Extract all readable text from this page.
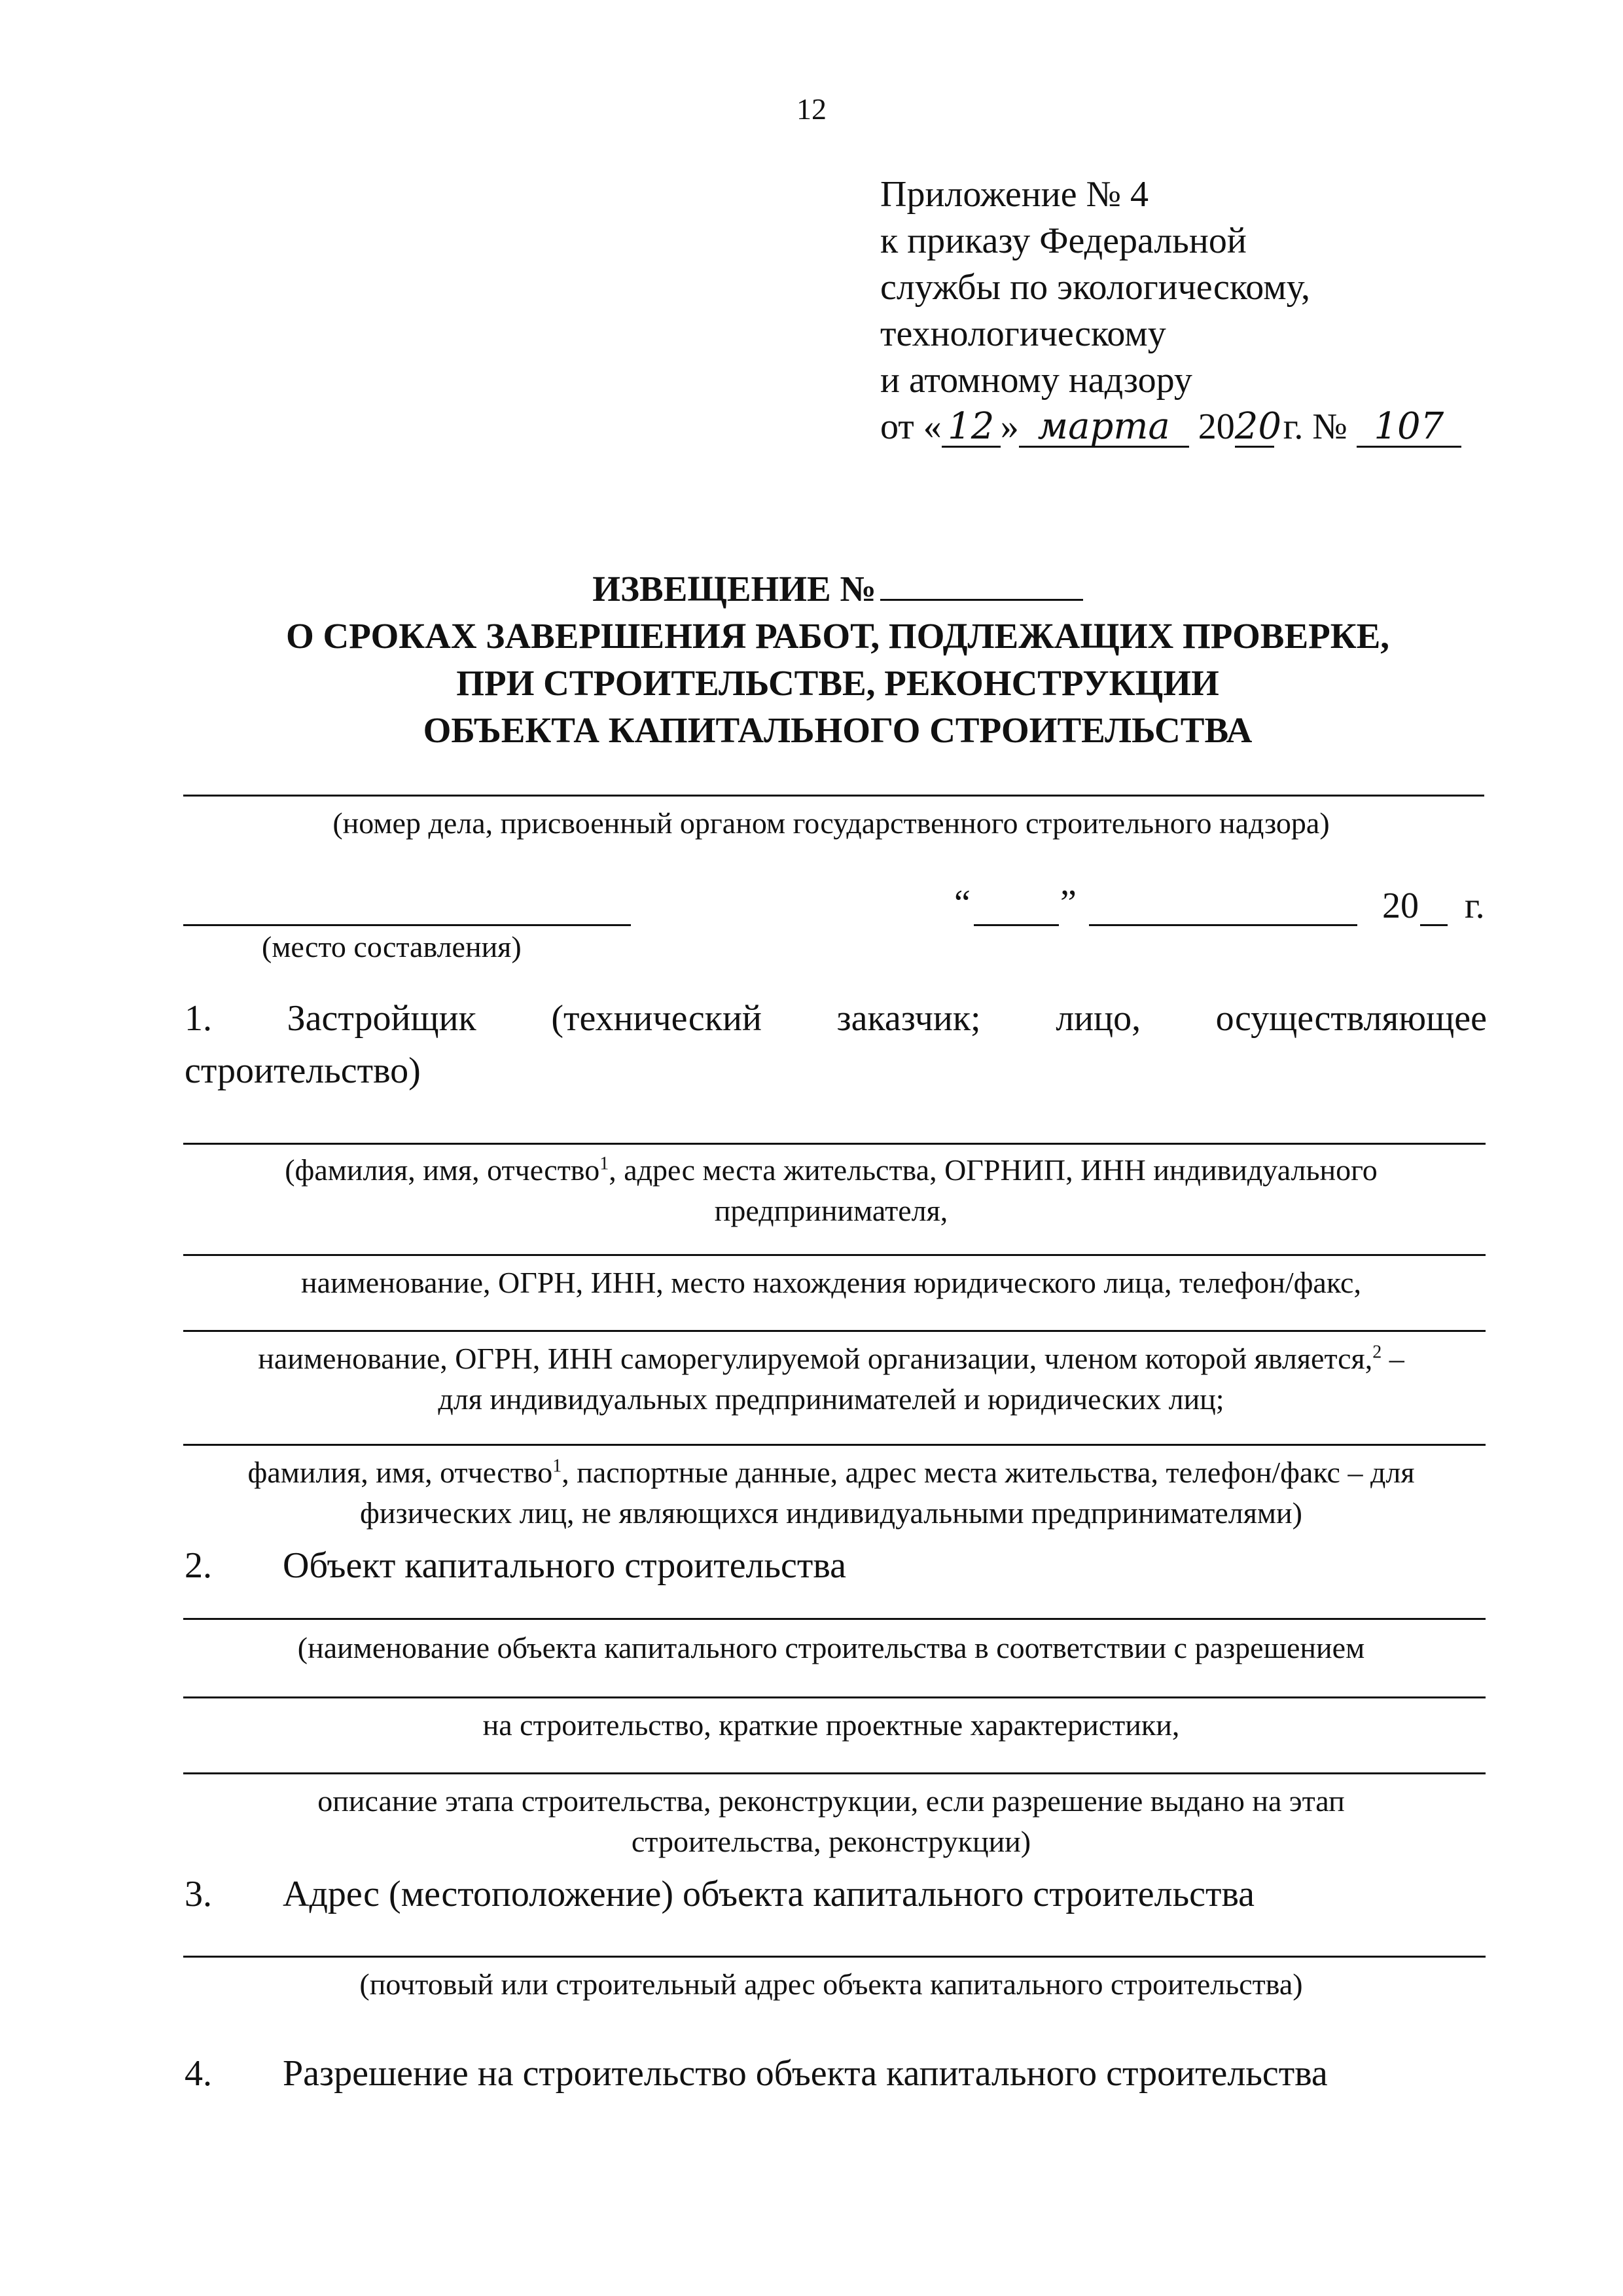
12
Приложение № 4
к приказу Федеральной
службы по экологическому,
технологическому
и атомному надзору
от « 12 » марта 2020 г. № 107
ИЗВЕЩЕНИЕ №
О СРОКАХ ЗАВЕРШЕНИЯ РАБОТ, ПОДЛЕЖАЩИХ ПРОВЕРКЕ,
ПРИ СТРОИТЕЛЬСТВЕ, РЕКОНСТРУКЦИИ
ОБЪЕКТА КАПИТАЛЬНОГО СТРОИТЕЛЬСТВА
(номер дела, присвоенный органом государственного строительного надзора)
“ ”	20 г.
(место составления)
1. Застройщик (технический заказчик; лицо, осуществляющее
строительство)
(фамилия, имя, отчество$^1$, адрес места жительства, ОГРНИП, ИНН индивидуального
предпринимателя,
наименование, ОГРН, ИНН, место нахождения юридического лица, телефон/факс,
наименование, ОГРН, ИНН саморегулируемой организации, членом которой является,$^2$ –
для индивидуальных предпринимателей и юридических лиц;
фамилия, имя, отчество$^1$, паспортные данные, адрес места жительства, телефон/факс – для
физических лиц, не являющихся индивидуальными предпринимателями)
2. Объект капитального строительства
(наименование объекта капитального строительства в соответствии с разрешением
на строительство, краткие проектные характеристики,
описание этапа строительства, реконструкции, если разрешение выдано на этап
строительства, реконструкции)
3. Адрес (местоположение) объекта капитального строительства
(почтовый или строительный адрес объекта капитального строительства)
4. Разрешение на строительство объекта капитального строительства
